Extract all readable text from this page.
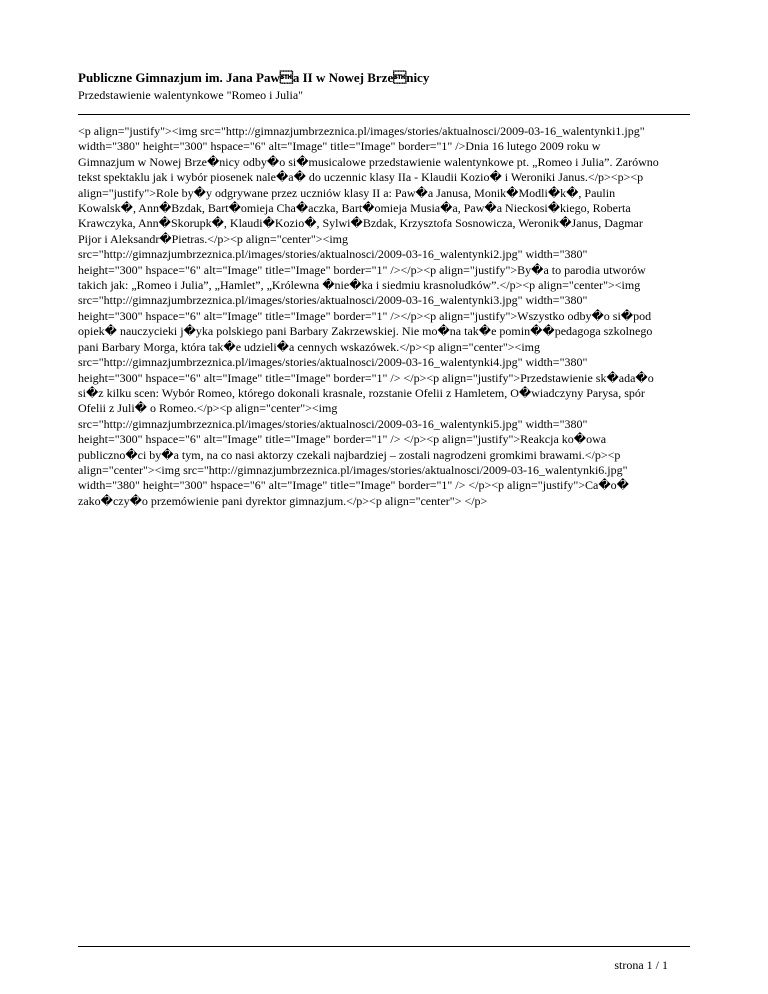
Publiczne Gimnazjum im. Jana Pawa II w Nowej Brzenicy

Przedstawienie walentynkowe "Romeo i Julia"

<p align="justify"><img src="http://gimnazjumbrzeznica.pl/images/stories/aktualnosci/2009-03-16_walentynki1.jpg"
width="380" height="300" hspace="6" alt="Image" title="Image" border="1" />Dnia 16 lutego 2009 roku w
Gimnazjum w Nowej Brze�nicy odby�o si�musicalowe przedstawienie walentynkowe pt. „Romeo i Julia”. Zarówno
tekst spektaklu jak i wybór piosenek nale�a� do uczennic klasy IIa - Klaudii Kozio� i Weroniki Janus.</p><p><p
align="justify">Role by�y odgrywane przez uczniów klasy II a: Paw�a Janusa, Monik�Modli�k�, Paulin
Kowalsk�, Ann�Bzdak, Bart�omieja Cha�aczka, Bart�omieja Musia�a, Paw�a Nieckosi�kiego, Roberta
Krawczyka, Ann�Skorupk�, Klaudi�Kozio�, Sylwi�Bzdak, Krzysztofa Sosnowicza, Weronik�Janus, Dagmar
Pijor i Aleksandr�Pietras.</p><p align="center"><img
src="http://gimnazjumbrzeznica.pl/images/stories/aktualnosci/2009-03-16_walentynki2.jpg" width="380"
height="300" hspace="6" alt="Image" title="Image" border="1" /></p><p align="justify">By�a to parodia utworów
takich jak: „Romeo i Julia”, „Hamlet”, „Królewna �nie�ka i siedmiu krasnoludków”.</p><p align="center"><img
src="http://gimnazjumbrzeznica.pl/images/stories/aktualnosci/2009-03-16_walentynki3.jpg" width="380"
height="300" hspace="6" alt="Image" title="Image" border="1" /></p><p align="justify">Wszystko odby�o si�pod
opiek� nauczycieki j�yka polskiego pani Barbary Zakrzewskiej. Nie mo�na tak�e pomin��pedagoga szkolnego
pani Barbary Morga, która tak�e udzieli�a cennych wskazówek.</p><p align="center"><img
src="http://gimnazjumbrzeznica.pl/images/stories/aktualnosci/2009-03-16_walentynki4.jpg" width="380"
height="300" hspace="6" alt="Image" title="Image" border="1" /> </p><p align="justify">Przedstawienie sk�ada�o
si�z kilku scen: Wybór Romeo, którego dokonali krasnale, rozstanie Ofelii z Hamletem, O�wiadczyny Parysa, spór
Ofelii z Juli� o Romeo.</p><p align="center"><img
src="http://gimnazjumbrzeznica.pl/images/stories/aktualnosci/2009-03-16_walentynki5.jpg" width="380"
height="300" hspace="6" alt="Image" title="Image" border="1" /> </p><p align="justify">Reakcja ko�owa
publiczno�ci by�a tym, na co nasi aktorzy czekali najbardziej – zostali nagrodzeni gromkimi brawami.</p><p
align="center"><img src="http://gimnazjumbrzeznica.pl/images/stories/aktualnosci/2009-03-16_walentynki6.jpg"
width="380" height="300" hspace="6" alt="Image" title="Image" border="1" /> </p><p align="justify">Ca�o�
zako�czy�o przemówienie pani dyrektor gimnazjum.</p><p align="center"> </p>
strona 1 / 1
